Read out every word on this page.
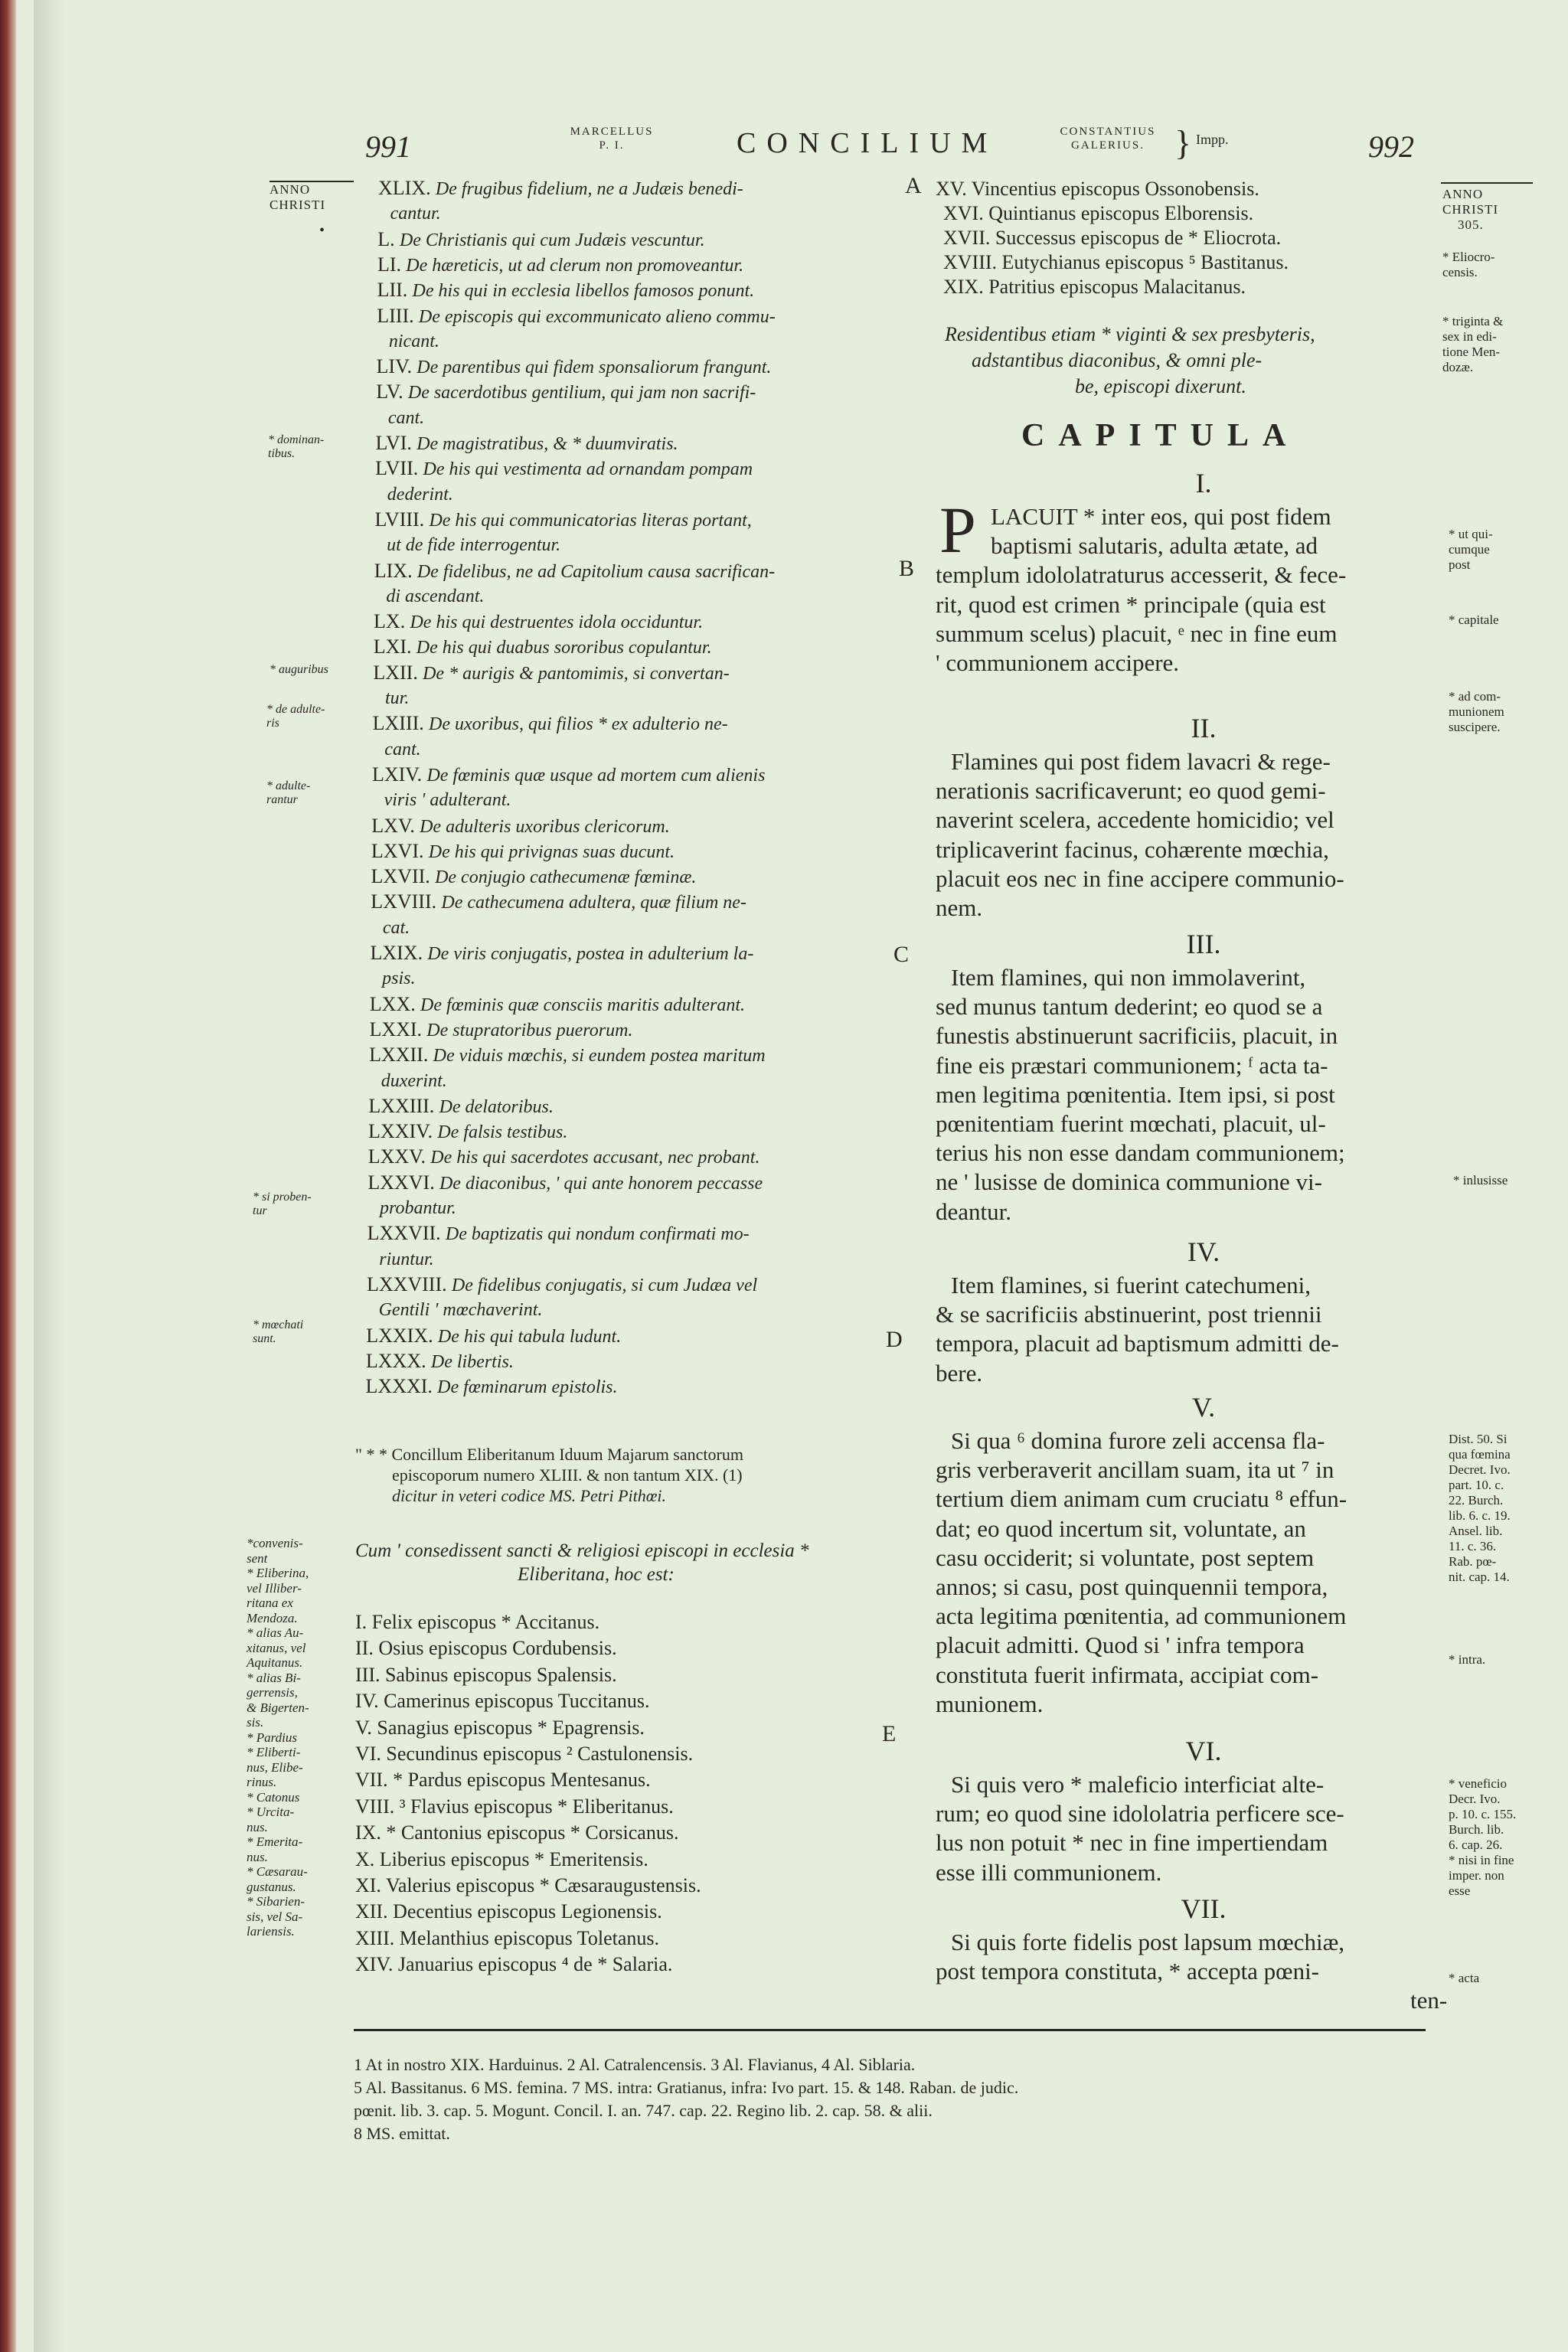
991	MARCELLUS
P. I.	CONCILIUM	CONSTANTIUS
GALERIUS. } Impp.	992
ANNO
CHRISTI
•
ANNO
CHRISTI
305.
XLIX. De frugibus fidelium, ne a Judæis benedi-
cantur.
L. De Christianis qui cum Judæis vescuntur.
LI. De hæreticis, ut ad clerum non promoveantur.
LII. De his qui in ecclesia libellos famosos ponunt.
LIII. De episcopis qui excommunicato alieno commu-
nicant.
LIV. De parentibus qui fidem sponsaliorum frangunt.
LV. De sacerdotibus gentilium, qui jam non sacrifi-
cant.
LVI. De magistratibus, & * duumviratis.
LVII. De his qui vestimenta ad ornandam pompam
dederint.
LVIII. De his qui communicatorias literas portant,
ut de fide interrogentur.
LIX. De fidelibus, ne ad Capitolium causa sacrifican-
di ascendant.
LX. De his qui destruentes idola occiduntur.
LXI. De his qui duabus sororibus copulantur.
LXII. De * aurigis & pantomimis, si convertan-
tur.
LXIII. De uxoribus, qui filios * ex adulterio ne-
cant.
LXIV. De fœminis quæ usque ad mortem cum alienis
viris ' adulterant.
LXV. De adulteris uxoribus clericorum.
LXVI. De his qui privignas suas ducunt.
LXVII. De conjugio cathecumenæ fœminæ.
LXVIII. De cathecumena adultera, quæ filium ne-
cat.
LXIX. De viris conjugatis, postea in adulterium la-
psis.
LXX. De fœminis quæ consciis maritis adulterant.
LXXI. De stupratoribus puerorum.
LXXII. De viduis mœchis, si eundem postea maritum
duxerint.
LXXIII. De delatoribus.
LXXIV. De falsis testibus.
LXXV. De his qui sacerdotes accusant, nec probant.
LXXVI. De diaconibus, ' qui ante honorem peccasse
probantur.
LXXVII. De baptizatis qui nondum confirmati mo-
riuntur.
LXXVIII. De fidelibus conjugatis, si cum Judæa vel
Gentili ' mœchaverint.
LXXIX. De his qui tabula ludunt.
LXXX. De libertis.
LXXXI. De fœminarum epistolis.
* dominan-
tibus.
* auguribus
* de adulte-
ris
* adulte-
rantur
* si proben-
tur
* mœchati
sunt.
*convenis-
sent
* Eliberina,
vel Illiber-
ritana ex
Mendoza.
* alias Au-
xitanus, vel
Aquitanus.
* alias Bi-
gerrensis,
& Bigerten-
sis.
* Pardius
* Eliberti-
nus, Elibe-
rinus.
* Catonus
* Urcita-
nus.
* Emerita-
nus.
* Cæsarau-
gustanus.
* Sibarien-
sis, vel Sa-
lariensis.
" * * Concillum Eliberitanum Iduum Majarum sanctorum
episcoporum numero XLIII. & non tantum XIX. (1)
dicitur in veteri codice MS. Petri Pithœi.
Cum ' consedissent sancti & religiosi episcopi in ecclesia *
Eliberitana, hoc est:
I. Felix episcopus * Accitanus.
II. Osius episcopus Cordubensis.
III. Sabinus episcopus Spalensis.
IV. Camerinus episcopus Tuccitanus.
V. Sanagius episcopus * Epagrensis.
VI. Secundinus episcopus ² Castulonensis.
VII. * Pardus episcopus Mentesanus.
VIII. ³ Flavius episcopus * Eliberitanus.
IX. * Cantonius episcopus * Corsicanus.
X. Liberius episcopus * Emeritensis.
XI. Valerius episcopus * Cæsaraugustensis.
XII. Decentius episcopus Legionensis.
XIII. Melanthius episcopus Toletanus.
XIV. Januarius episcopus ⁴ de * Salaria.
A
B
C
D
E
XV. Vincentius episcopus Ossonobensis.
XVI. Quintianus episcopus Elborensis.
XVII. Successus episcopus de * Eliocrota.
XVIII. Eutychianus episcopus ⁵ Bastitanus.
XIX. Patritius episcopus Malacitanus.
Residentibus etiam * viginti & sex presbyteris,
adstantibus diaconibus, & omni ple-
be, episcopi dixerunt.
CAPITULA
I.
P LACUIT * inter eos, qui post fidem
baptismi salutaris, adulta ætate, ad
templum idololatraturus accesserit, & fece-
rit, quod est crimen * principale (quia est
summum scelus) placuit, ᵉ nec in fine eum
' communionem accipere.
II.
Flamines qui post fidem lavacri & rege-
nerationis sacrificaverunt; eo quod gemi-
naverint scelera, accedente homicidio; vel
triplicaverint facinus, cohærente mœchia,
placuit eos nec in fine accipere communio-
nem.
III.
Item flamines, qui non immolaverint,
sed munus tantum dederint; eo quod se a
funestis abstinuerunt sacrificiis, placuit, in
fine eis præstari communionem; ᶠ acta ta-
men legitima pœnitentia. Item ipsi, si post
pœnitentiam fuerint mœchati, placuit, ul-
terius his non esse dandam communionem;
ne ' lusisse de dominica communione vi-
deantur.
IV.
Item flamines, si fuerint catechumeni,
& se sacrificiis abstinuerint, post triennii
tempora, placuit ad baptismum admitti de-
bere.
V.
Si qua ⁶ domina furore zeli accensa fla-
gris verberaverit ancillam suam, ita ut ⁷ in
tertium diem animam cum cruciatu ⁸ effun-
dat; eo quod incertum sit, voluntate, an
casu occiderit; si voluntate, post septem
annos; si casu, post quinquennii tempora,
acta legitima pœnitentia, ad communionem
placuit admitti. Quod si ' infra tempora
constituta fuerit infirmata, accipiat com-
munionem.
VI.
Si quis vero * maleficio interficiat alte-
rum; eo quod sine idololatria perficere sce-
lus non potuit * nec in fine impertiendam
esse illi communionem.
VII.
Si quis forte fidelis post lapsum mœchiæ,
post tempora constituta, * accepta pœni-
ten-
* Eliocro-
censis.
* triginta &
sex in edi-
tione Men-
dozæ.
* ut qui-
cumque
post
* capitale
* ad com-
munionem
suscipere.
* inlusisse
Dist. 50. Si
qua fœmina
Decret. Ivo.
part. 10. c.
22. Burch.
lib. 6. c. 19.
Ansel. lib.
11. c. 36.
Rab. pœ-
nit. cap. 14.
* intra.
* veneficio
Decr. Ivo.
p. 10. c. 155.
Burch. lib.
6. cap. 26.
* nisi in fine
imper. non
esse
* acta
1 At in nostro XIX. Harduinus. 2 Al. Catralencensis. 3 Al. Flavianus, 4 Al. Siblaria.
5 Al. Bassitanus. 6 MS. femina. 7 MS. intra: Gratianus, infra: Ivo part. 15. & 148. Raban. de judic.
pœnit. lib. 3. cap. 5. Mogunt. Concil. I. an. 747. cap. 22. Regino lib. 2. cap. 58. & alii.
8 MS. emittat.
